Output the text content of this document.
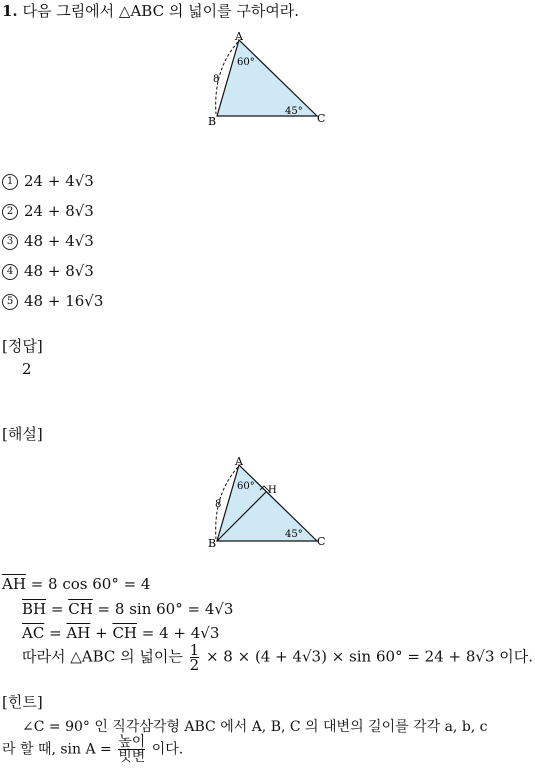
1. 다음 그림에서 △ABC 의 넓이를 구하여라.
A
B	C
8
60°
45°
1 24 + 4√3
2 24 + 8√3
3 48 + 4√3
4 48 + 8√3
5 48 + 16√3
[정답]
2
[해설]
A
B	C
H
8
60°
45°
$\overline{AH} = 8$ cos 60° = 4
$\overline{BH} = \overline{CH} = 8$ sin 60° = 4√3
$\overline{AC} = \overline{AH} + \overline{CH} = 4 + 4√3$
따라서 △ABC 의 넓이는 $\frac{1}{2} \times 8 \times (4 + 4√3) \times \sin 60^\circ = 24 + 8√3$ 이다.
[힌트]
∠C = 90° 인 직각삼각형 ABC 에서 A, B, C 의 대변의 길이를 각각 a, b, c
라 할 때, $\sin A = \frac{\text{높이}}{\text{빗변}}$ 이다.
